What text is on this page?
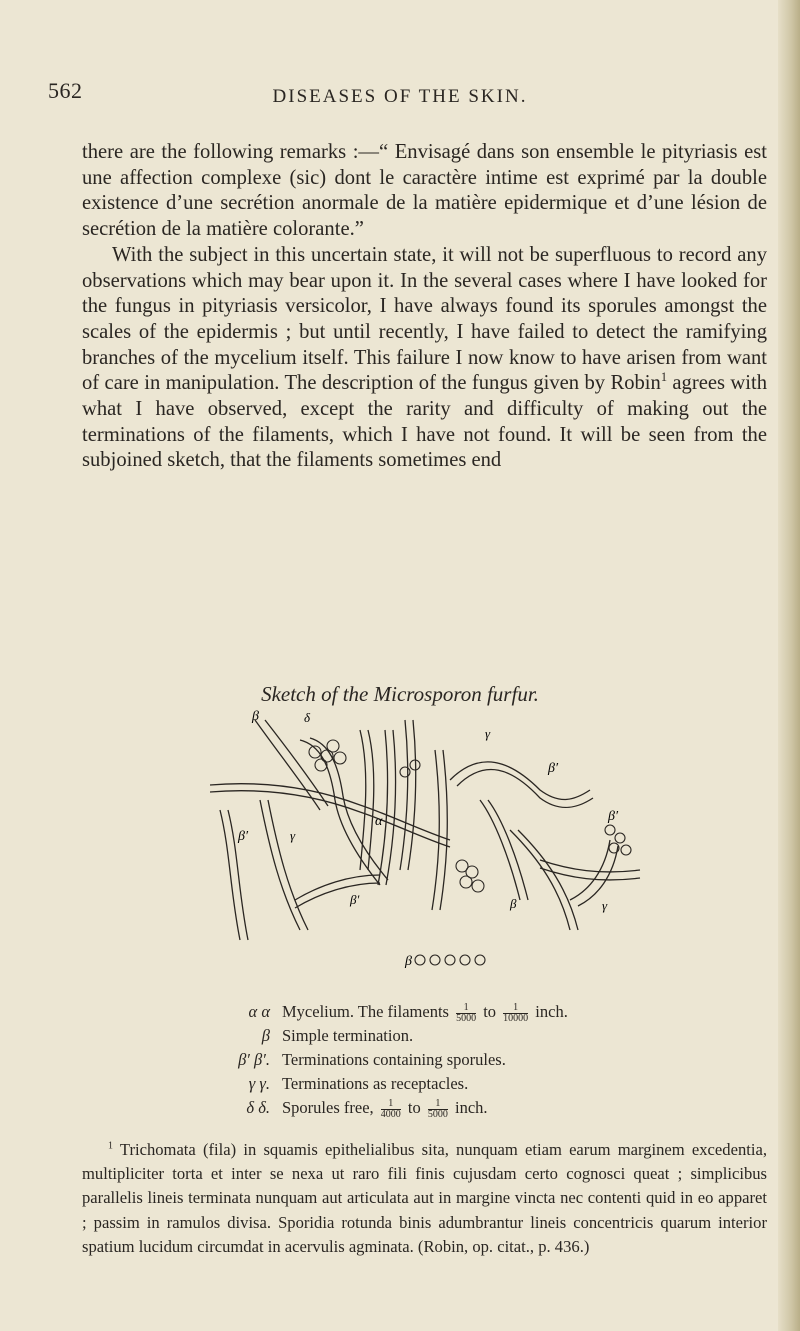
562	DISEASES OF THE SKIN.

there are the following remarks :—“ Envisagé dans son ensemble le pityriasis est une affection complexe (sic) dont le caractère intime est exprimé par la double existence d’une secrétion anormale de la matière epidermique et d’une lésion de secrétion de la matière colorante.”

With the subject in this uncertain state, it will not be superfluous to record any observations which may bear upon it. In the several cases where I have looked for the fungus in pityriasis versicolor, I have always found its sporules amongst the scales of the epidermis ; but until recently, I have failed to detect the ramifying branches of the mycelium itself. This failure I now know to have arisen from want of care in manipulation. The description of the fungus given by Robin$^1$ agrees with what I have observed, except the rarity and difficulty of making out the terminations of the filaments, which I have not found. It will be seen from the subjoined sketch, that the filaments sometimes end

Sketch of the Microsporon furfur.
β	δ
γ
β′
β′
β′
α
β′	β
γ
γ
β
α α Mycelium. The filaments $\frac{1}{5000}$ to $\frac{1}{10000}$ inch.
β Simple termination.
β′ β′. Terminations containing sporules.
γ γ. Terminations as receptacles.
δ δ. Sporules free, $\frac{1}{4000}$ to $\frac{1}{5000}$ inch.

$^1$ Trichomata (fila) in squamis epithelialibus sita, nunquam etiam earum marginem excedentia, multipliciter torta et inter se nexa ut raro fili finis cujusdam certo cognosci queat ; simplicibus parallelis lineis terminata nunquam aut articulata aut in margine vincta nec contenti quid in eo apparet ; passim in ramulos divisa. Sporidia rotunda binis adumbrantur lineis concentricis quarum interior spatium lucidum circumdat in acervulis agminata. (Robin, op. citat., p. 436.)
